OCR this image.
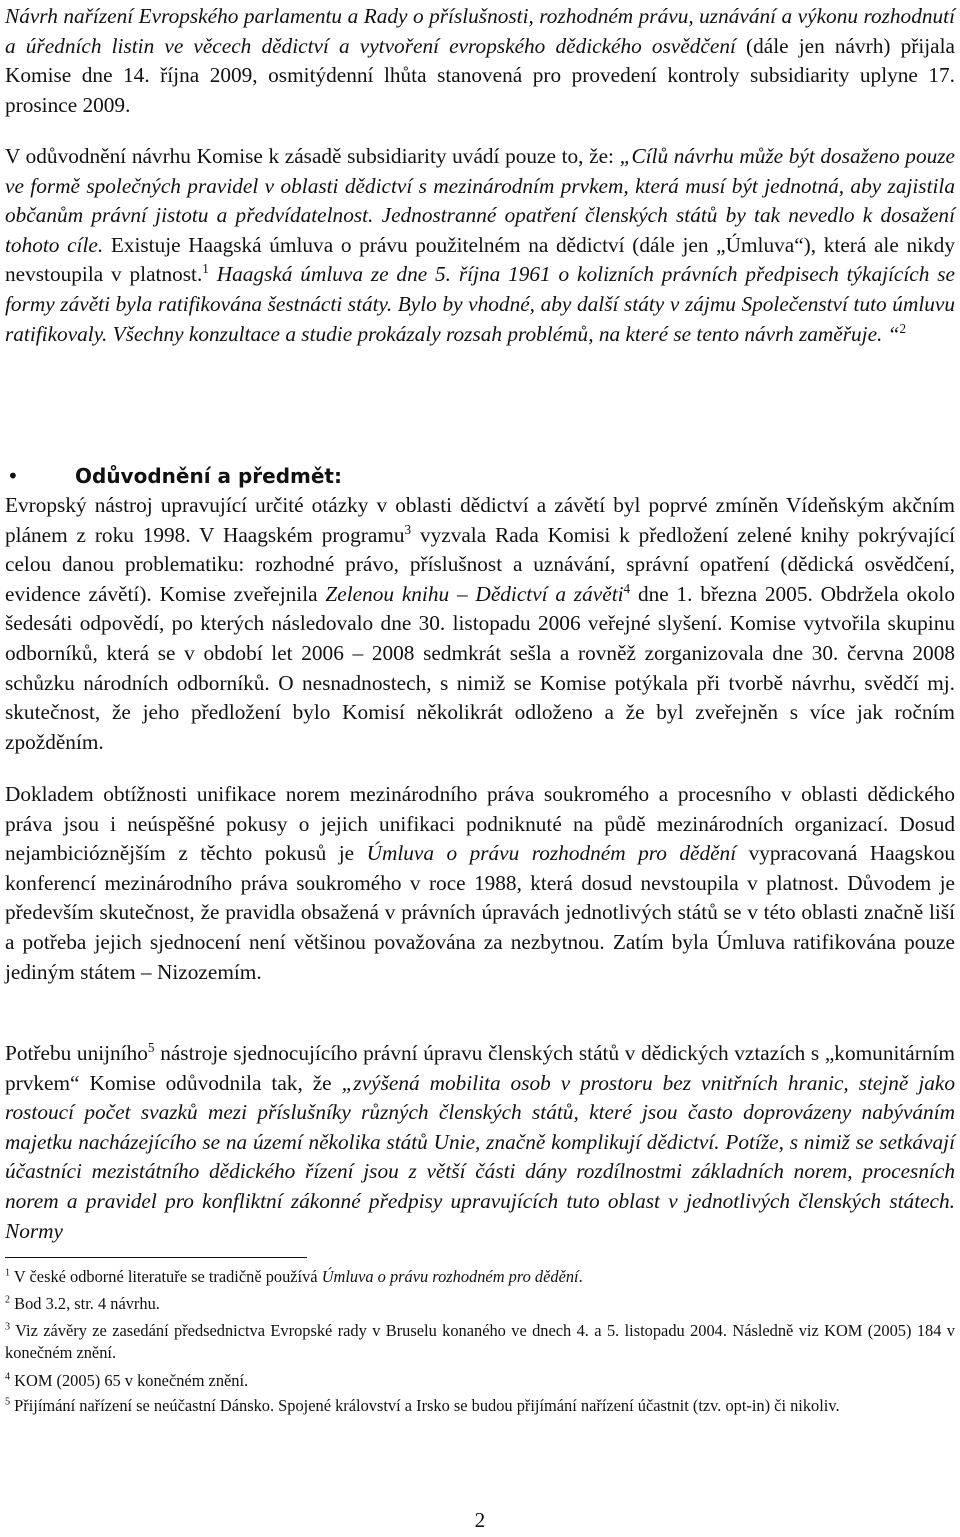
Návrh nařízení Evropského parlamentu a Rady o příslušnosti, rozhodném právu, uznávání a výkonu rozhodnutí a úředních listin ve věcech dědictví a vytvoření evropského dědického osvědčení (dále jen návrh) přijala Komise dne 14. října 2009, osmitýdenní lhůta stanovená pro provedení kontroly subsidiarity uplyne 17. prosince 2009.

V odůvodnění návrhu Komise k zásadě subsidiarity uvádí pouze to, že: „Cílů návrhu může být dosaženo pouze ve formě společných pravidel v oblasti dědictví s mezinárodním prvkem, která musí být jednotná, aby zajistila občanům právní jistotu a předvídatelnost. Jednostranné opatření členských států by tak nevedlo k dosažení tohoto cíle. Existuje Haagská úmluva o právu použitelném na dědictví (dále jen „Úmluva“), která ale nikdy nevstoupila v platnost.$^1$ Haagská úmluva ze dne 5. října 1961 o kolizních právních předpisech týkajících se formy závěti byla ratifikována šestnácti státy. Bylo by vhodné, aby další státy v zájmu Společenství tuto úmluvu ratifikovaly. Všechny konzultace a studie prokázaly rozsah problémů, na které se tento návrh zaměřuje. “$^2$

•	Odůvodnění a předmět:

Evropský nástroj upravující určité otázky v oblasti dědictví a závětí byl poprvé zmíněn Vídeňským akčním plánem z roku 1998. V Haagském programu$^3$ vyzvala Rada Komisi k předložení zelené knihy pokrývající celou danou problematiku: rozhodné právo, příslušnost a uznávání, správní opatření (dědická osvědčení, evidence závětí). Komise zveřejnila Zelenou knihu – Dědictví a závěti$^4$ dne 1. března 2005. Obdržela okolo šedesáti odpovědí, po kterých následovalo dne 30. listopadu 2006 veřejné slyšení. Komise vytvořila skupinu odborníků, která se v období let 2006 – 2008 sedmkrát sešla a rovněž zorganizovala dne 30. června 2008 schůzku národních odborníků. O nesnadnostech, s nimiž se Komise potýkala při tvorbě návrhu, svědčí mj. skutečnost, že jeho předložení bylo Komisí několikrát odloženo a že byl zveřejněn s více jak ročním zpožděním.

Dokladem obtížnosti unifikace norem mezinárodního práva soukromého a procesního v oblasti dědického práva jsou i neúspěšné pokusy o jejich unifikaci podniknuté na půdě mezinárodních organizací. Dosud nejambicióznějším z těchto pokusů je Úmluva o právu rozhodném pro dědění vypracovaná Haagskou konferencí mezinárodního práva soukromého v roce 1988, která dosud nevstoupila v platnost. Důvodem je především skutečnost, že pravidla obsažená v právních úpravách jednotlivých států se v této oblasti značně liší a potřeba jejich sjednocení není většinou považována za nezbytnou. Zatím byla Úmluva ratifikována pouze jediným státem – Nizozemím.

Potřebu unijního$^5$ nástroje sjednocujícího právní úpravu členských států v dědických vztazích s „komunitárním prvkem“ Komise odůvodnila tak, že „zvýšená mobilita osob v prostoru bez vnitřních hranic, stejně jako rostoucí počet svazků mezi příslušníky různých členských států, které jsou často doprovázeny nabýváním majetku nacházejícího se na území několika států Unie, značně komplikují dědictví. Potíže, s nimiž se setkávají účastníci mezistátního dědického řízení jsou z větší části dány rozdílnostmi základních norem, procesních norem a pravidel pro konfliktní zákonné předpisy upravujících tuto oblast v jednotlivých členských státech. Normy

$^1$ V české odborné literatuře se tradičně používá Úmluva o právu rozhodném pro dědění.

$^2$ Bod 3.2, str. 4 návrhu.

$^3$ Viz závěry ze zasedání předsednictva Evropské rady v Bruselu konaného ve dnech 4. a 5. listopadu 2004. Následně viz KOM (2005) 184 v konečném znění.

$^4$ KOM (2005) 65 v konečném znění.

$^5$ Přijímání nařízení se neúčastní Dánsko. Spojené království a Irsko se budou přijímání nařízení účastnit (tzv. opt-in) či nikoliv.

2
